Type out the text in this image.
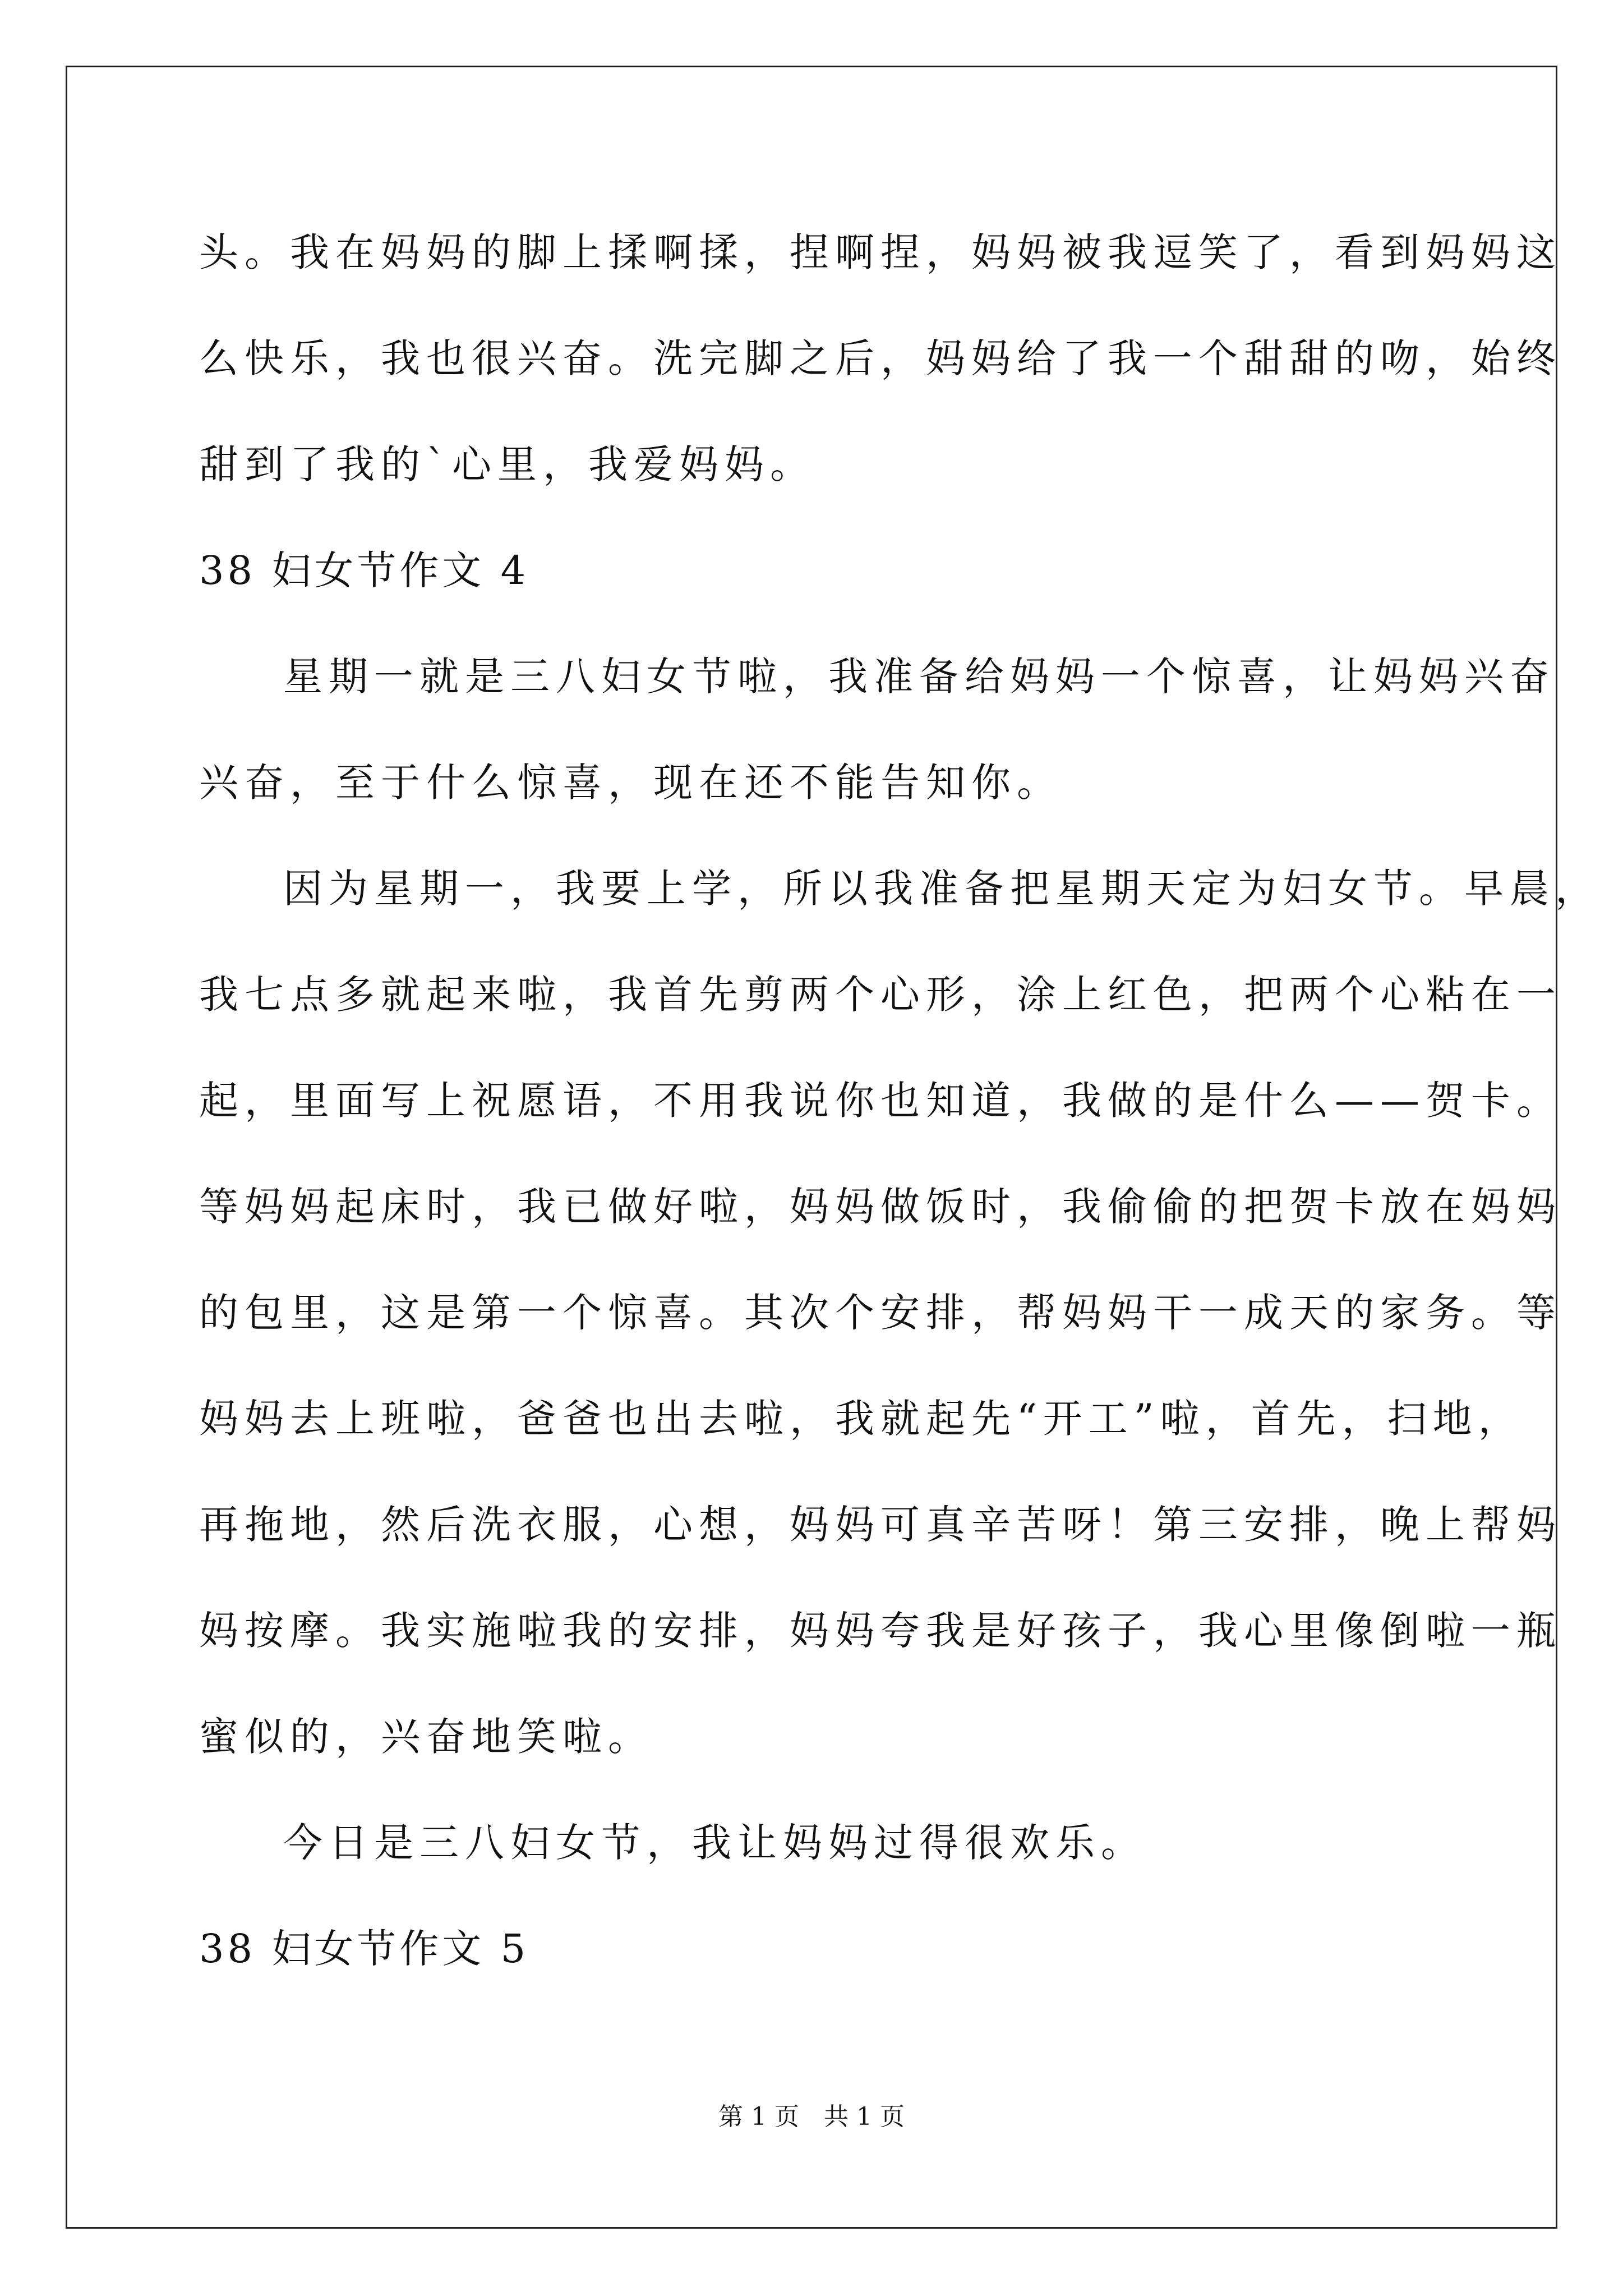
头。我在妈妈的脚上揉啊揉，捏啊捏，妈妈被我逗笑了，看到妈妈这
么快乐，我也很兴奋。洗完脚之后，妈妈给了我一个甜甜的吻，始终
甜到了我的`心里，我爱妈妈。
38 妇女节作文 4
星期一就是三八妇女节啦，我准备给妈妈一个惊喜，让妈妈兴奋
兴奋，至于什么惊喜，现在还不能告知你。
因为星期一，我要上学，所以我准备把星期天定为妇女节。早晨，
我七点多就起来啦，我首先剪两个心形，涂上红色，把两个心粘在一
起，里面写上祝愿语，不用我说你也知道，我做的是什么——贺卡。
等妈妈起床时，我已做好啦，妈妈做饭时，我偷偷的把贺卡放在妈妈
的包里，这是第一个惊喜。其次个安排，帮妈妈干一成天的家务。等
妈妈去上班啦，爸爸也出去啦，我就起先“开工”啦，首先，扫地，
再拖地，然后洗衣服，心想，妈妈可真辛苦呀！第三安排，晚上帮妈
妈按摩。我实施啦我的安排，妈妈夸我是好孩子，我心里像倒啦一瓶
蜜似的，兴奋地笑啦。
今日是三八妇女节，我让妈妈过得很欢乐。
38 妇女节作文 5
第 1 页　共 1 页
